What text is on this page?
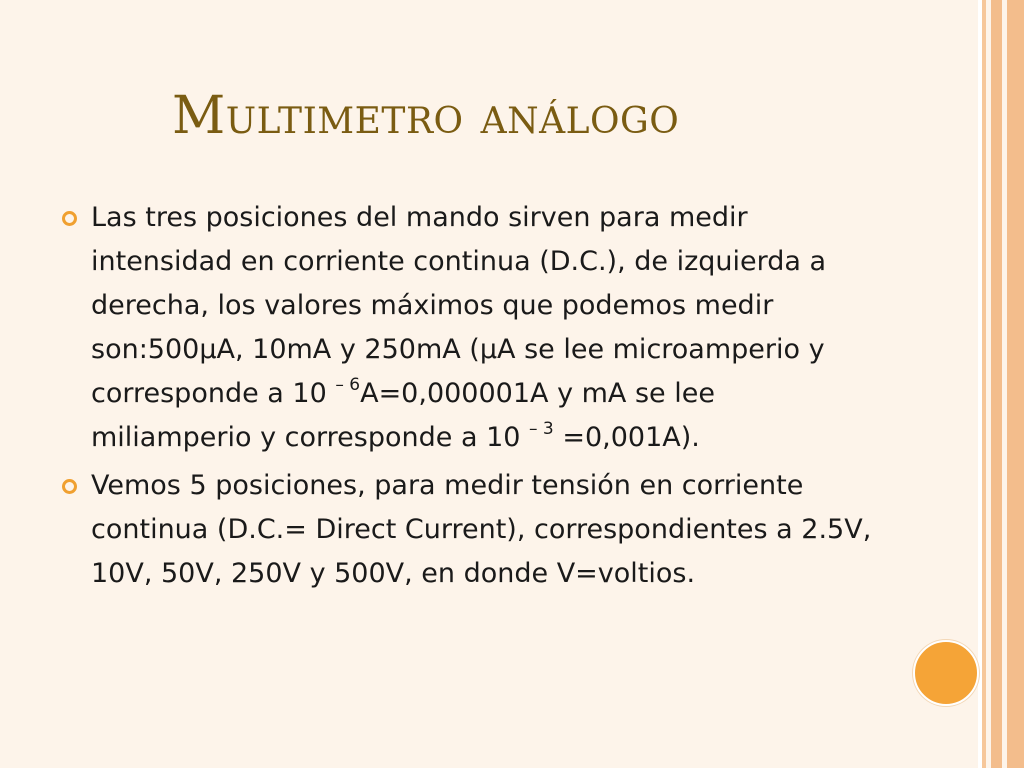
Multimetro análogo
Las tres posiciones del mando sirven para medir intensidad en corriente continua (D.C.), de izquierda a derecha, los valores máximos que podemos medir son:500µA, 10mA y 250mA (µA se lee microamperio y corresponde a 10 $^{- 6}$A=0,000001A y mA se lee miliamperio y corresponde a 10 $^{- 3}$ =0,001A).
Vemos 5 posiciones, para medir tensión en corriente continua (D.C.= Direct Current), correspondientes a 2.5V, 10V, 50V, 250V y 500V, en donde V=voltios.
